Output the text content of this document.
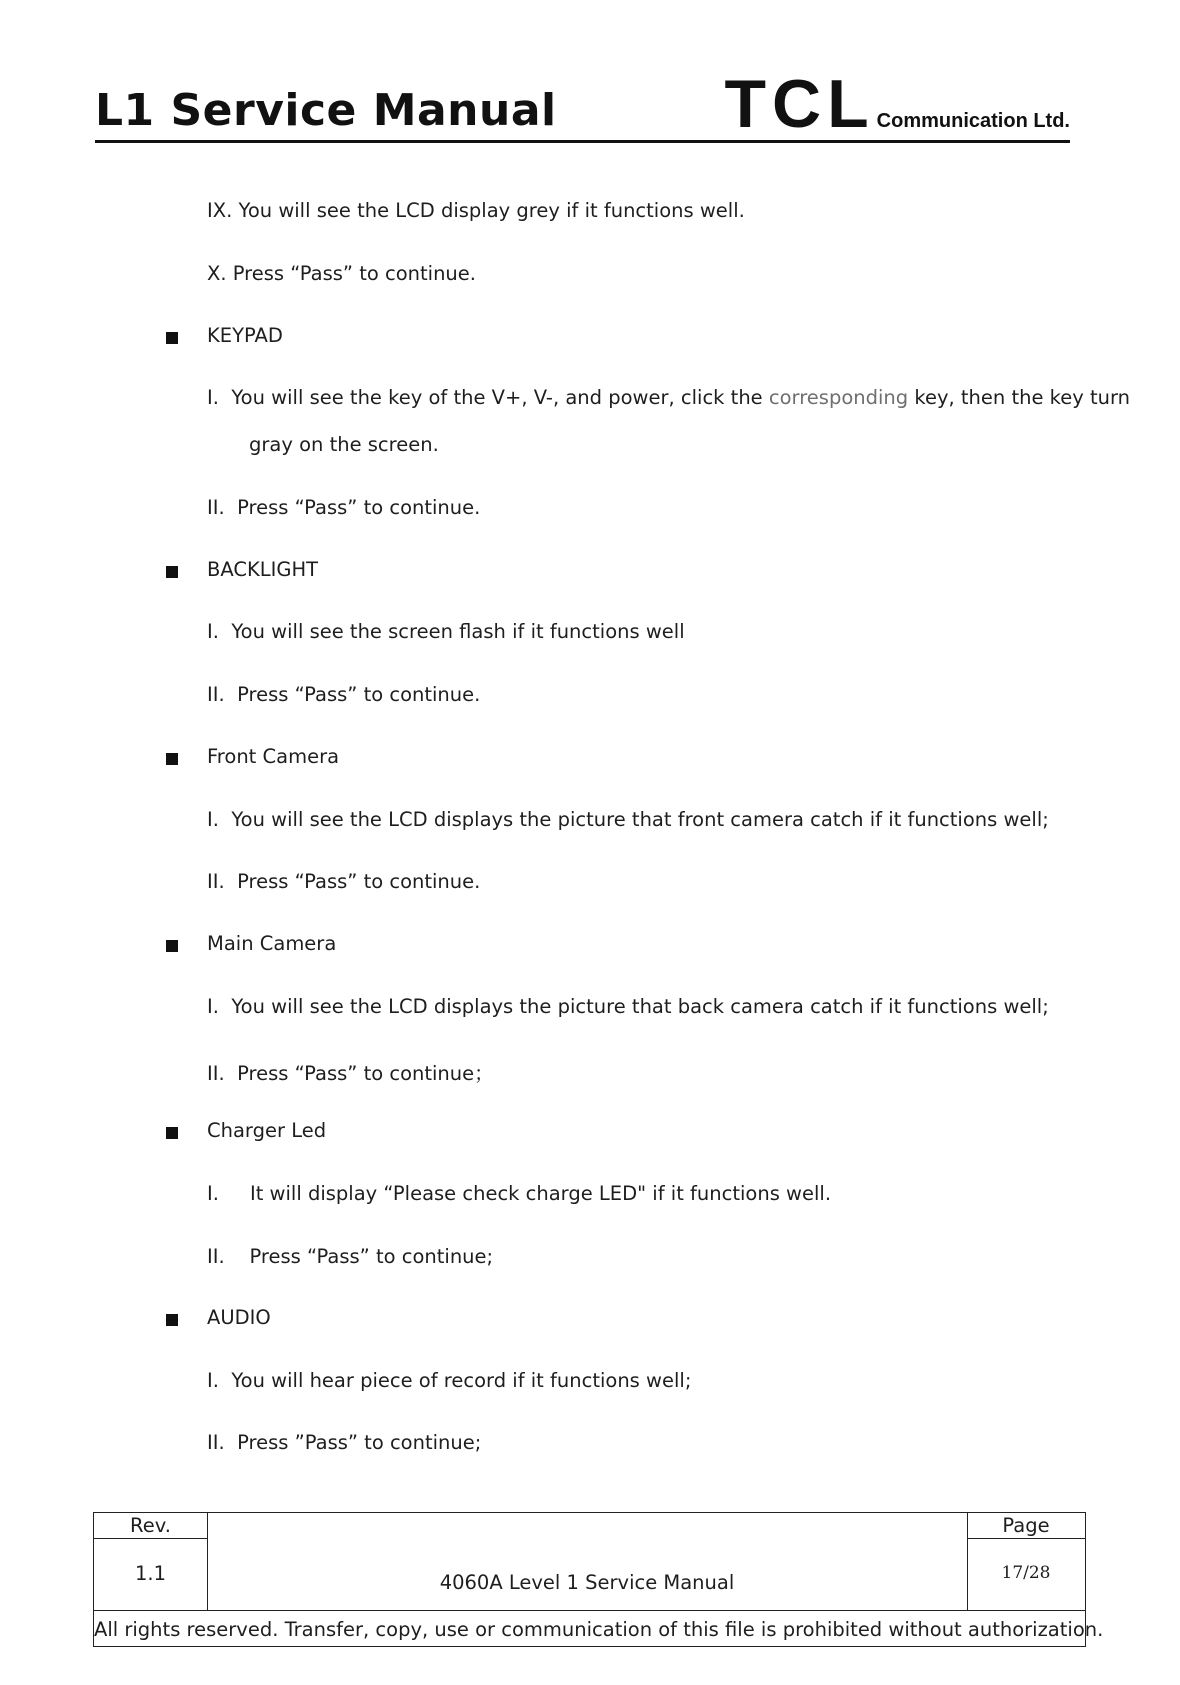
L1 Service Manual TCL Communication Ltd.
IX. You will see the LCD display grey if it functions well.
X. Press “Pass” to continue.
KEYPAD
I. You will see the key of the V+, V-, and power, click the corresponding key, then the key turn
gray on the screen.
II. Press “Pass” to continue.
BACKLIGHT
I. You will see the screen flash if it functions well
II. Press “Pass” to continue.
Front Camera
I. You will see the LCD displays the picture that front camera catch if it functions well;
II. Press “Pass” to continue.
Main Camera
I. You will see the LCD displays the picture that back camera catch if it functions well;
II. Press “Pass” to continue；
Charger Led
I. It will display “Please check charge LED" if it functions well.
II. Press “Pass” to continue;
AUDIO
I. You will hear piece of record if it functions well;
II. Press ”Pass” to continue;
Rev.
1.1	4060A Level 1 Service Manual
Page
17/28
All rights reserved. Transfer, copy, use or communication of this file is prohibited without authorization.
